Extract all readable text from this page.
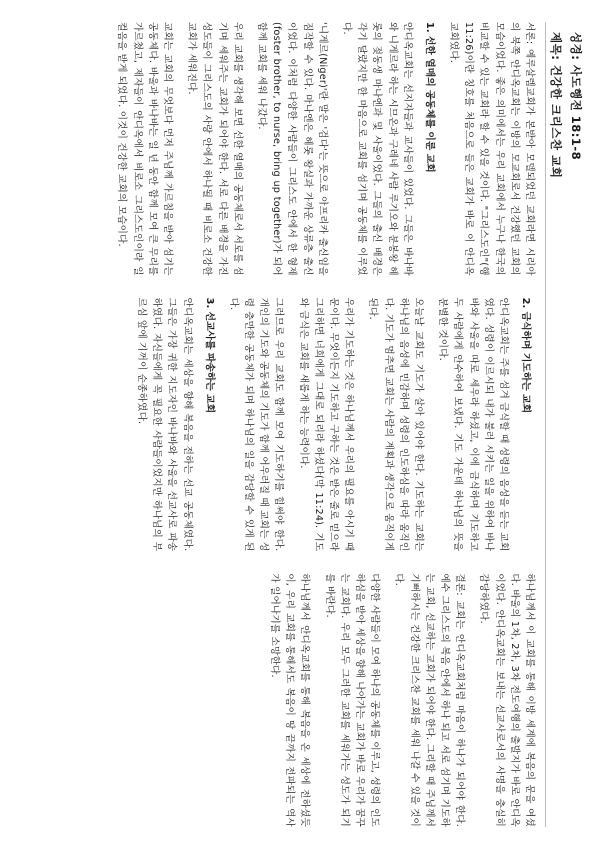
성경: 사도행전 18:1-8
제목: 건강한 크리스찬 교회

서론: 예루살렘교회가 본받아 모델되었던 교회라면 시리아의 북쪽 안디옥교회는 이방의 모교회로서 건강했던 교회의 모습이었다. 좋은 의미에서는 우리 교회에서 누구나 한국의 비교할 수 있는 교회라 할 수 있을 것이다. "그리스도인"(행 11:26)이란 칭호를 처음으로 들은 교회가 바로 이 안디옥교회였다.

1. 선한 열매의 공동체를 이룬 교회

안디옥교회는 선지자들과 교사들이 있었다. 그들은 바나바와 니게르라 하는 시므온과 구레네 사람 루기오와 분봉왕 헤롯의 젖동생 마나엔과 및 사울이었다. 그들의 출신 배경은 각기 달랐지만 한 마음으로 교회를 섬기며 공동체를 이루었다.

'니게르(Niger)'란 말은 '검다'는 뜻으로 아프리카 출신임을 짐작할 수 있다. 마나엔은 헤롯 왕실과 가까운 상류층 출신이었다. 이처럼 다양한 사람들이 그리스도 안에서 한 형제(foster brother, to nurse, bring up together)가 되어 함께 교회를 세워 나갔다.

우리 교회를 생각해 보면 선한 열매의 공동체로서 서로를 섬기며 세워주는 교회가 되어야 한다. 서로 다른 배경을 가진 성도들이 그리스도의 사랑 안에서 하나될 때 비로소 건강한 교회가 세워진다.

교회는 교회의 무엇보다 먼저 주님께 가르침을 받아 섬기는 공동체다. 바울과 바나바는 일 년 동안 함께 모여 큰 무리를 가르쳤고, 제자들이 안디옥에서 비로소 그리스도인이라 일컬음을 받게 되었다. 이것이 건강한 교회의 모습이다.

2. 금식하며 기도하는 교회

안디옥교회는 주를 섬겨 금식할 때 성령의 음성을 듣는 교회였다. 성령이 이르시되 내가 불러 시키는 일을 위하여 바나바와 사울을 따로 세우라 하셨고, 이에 금식하며 기도하고 두 사람에게 안수하여 보냈다. 기도 가운데 하나님의 뜻을 분별한 것이다.

오늘날 교회도 기도가 살아 있어야 한다. 기도하는 교회는 하나님의 음성에 민감하며 성령의 인도하심을 따라 움직인다. 기도가 멈추면 교회는 사람의 계획과 생각으로 움직이게 된다.

우리가 기도하는 것은 하나님께서 우리의 필요를 아시기 때문이다. 무엇이든지 기도하고 구하는 것은 받은 줄로 믿으라 그리하면 너희에게 그대로 되리라 하셨다(막 11:24). 기도와 금식은 교회를 새롭게 하는 능력이다.

그러므로 우리 교회도 함께 모여 기도하기를 힘써야 한다. 개인의 기도와 공동체의 기도가 함께 어우러질 때 교회는 성령 충만한 공동체가 되며 하나님의 일을 감당할 수 있게 된다.

3. 선교사를 파송하는 교회

안디옥교회는 세상을 향해 복음을 전하는 선교 공동체였다. 그들은 가장 귀한 지도자인 바나바와 사울을 선교사로 파송하였다. 자신들에게 꼭 필요한 사람들이었지만 하나님의 부르심 앞에 기꺼이 순종하였다.

하나님께서 이 교회를 통해 이방 세계에 복음의 문을 여셨다. 바울의 1차, 2차, 3차 전도여행의 출발지가 바로 안디옥이었다. 안디옥교회는 보내는 선교사로서의 사명을 충실히 감당하였다.

결론: 교회는 안디옥교회처럼 마음이 하나가 되어야 한다. 예수 그리스도의 복음 안에서 하나 되고 서로 섬기며 기도하는 교회, 선교하는 교회가 되어야 한다. 그리할 때 주님께서 기뻐하시는 건강한 크리스찬 교회를 세워 나갈 수 있을 것이다.

다양한 사람들이 모여 하나의 공동체를 이루고, 성령의 인도하심을 받아 세상을 향해 나아가는 교회가 바로 우리가 꿈꾸는 교회다. 우리 모두 그러한 교회를 세워가는 성도가 되기를 바란다.

하나님께서 안디옥교회를 통해 복음을 온 세상에 전하셨듯이, 우리 교회를 통해서도 복음이 땅 끝까지 전파되는 역사가 일어나기를 소망한다.
